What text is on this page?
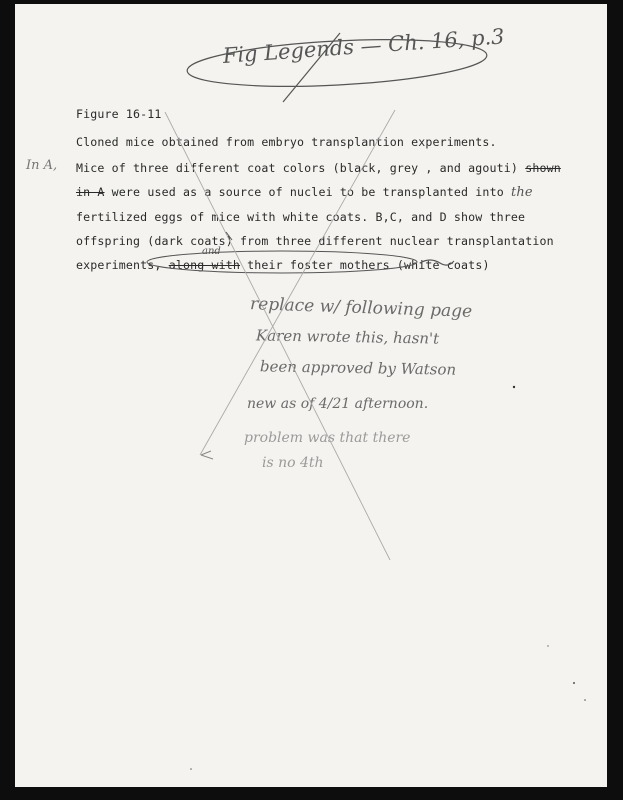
Fig Legends — Ch. 16, p.3
Figure 16-11
Cloned mice obtained from embryo transplantion experiments.
In A, Mice of three different coat colors (black, grey , and agouti) shown
in A were used as a source of nuclei to be transplanted into the
fertilized eggs of mice with white coats. B,C, and D show three
offspring (dark coats) from three different nuclear transplantation
and
experiments, along with their foster mothers (white coats)
replace w/ following page
Karen wrote this, hasn't
been approved by Watson
new as of 4/21 afternoon.
problem was that there
is no 4th
